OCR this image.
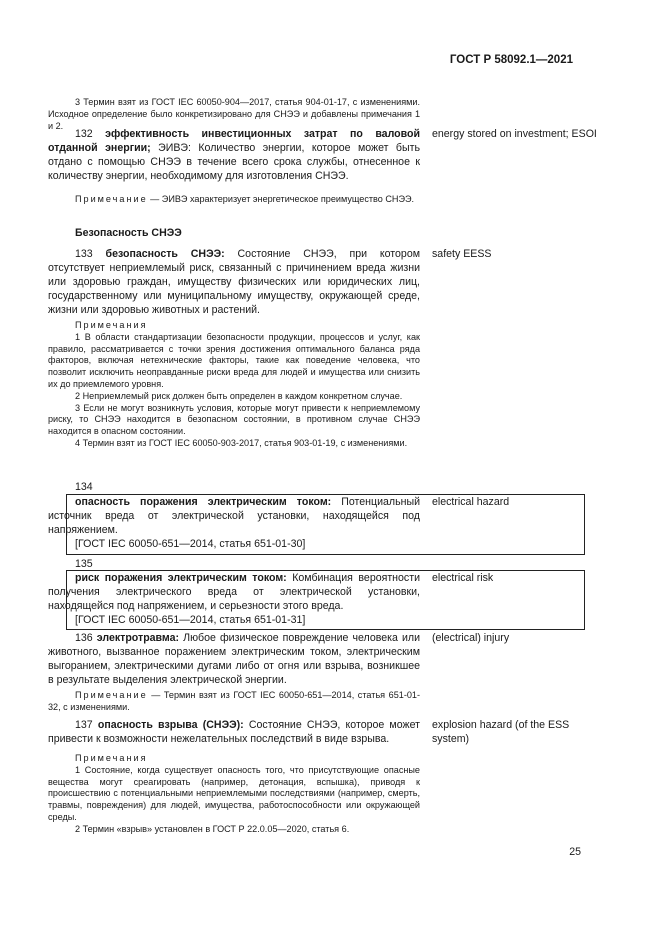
ГОСТ Р 58092.1—2021

3 Термин взят из ГОСТ IEC 60050-904—2017, статья 904-01-17, с изменениями. Исходное определение было конкретизировано для СНЭЭ и добавлены примечания 1 и 2.

132 эффективность инвестиционных затрат по валовой отданной энергии; ЭИВЭ: Количество энергии, которое может быть отдано с помощью СНЭЭ в течение всего срока службы, отнесенное к количеству энергии, необходимому для изготовления СНЭЭ.

energy stored on investment; ESOI

Примечание — ЭИВЭ характеризует энергетическое преимущество СНЭЭ.

Безопасность СНЭЭ

133 безопасность СНЭЭ: Состояние СНЭЭ, при котором отсутствует неприемлемый риск, связанный с причинением вреда жизни или здоровью граждан, имуществу физических или юридических лиц, государственному или муниципальному имуществу, окружающей среде, жизни или здоровью животных и растений.

safety EESS

Примечания

1 В области стандартизации безопасности продукции, процессов и услуг, как правило, рассматривается с точки зрения достижения оптимального баланса ряда факторов, включая нетехнические факторы, такие как поведение человека, что позволит исключить неоправданные риски вреда для людей и имущества или снизить их до приемлемого уровня.

2 Неприемлемый риск должен быть определен в каждом конкретном случае.

3 Если не могут возникнуть условия, которые могут привести к неприемлемому риску, то СНЭЭ находится в безопасном состоянии, в противном случае СНЭЭ находится в опасном состоянии.

4 Термин взят из ГОСТ IEC 60050-903-2017, статья 903-01-19, с изменениями.

134

опасность поражения электрическим током: Потенциальный источник вреда от электрической установки, находящейся под напряжением.

[ГОСТ IEC 60050-651—2014, статья 651-01-30]

electrical hazard
135

риск поражения электрическим током: Комбинация вероятности получения электрического вреда от электрической установки, находящейся под напряжением, и серьезности этого вреда.

[ГОСТ IEC 60050-651—2014, статья 651-01-31]

electrical risk

136 электротравма: Любое физическое повреждение человека или животного, вызванное поражением электрическим током, электрическим выгоранием, электрическими дугами либо от огня или взрыва, возникшее в результате выделения электрической энергии.

(electrical) injury

Примечание — Термин взят из ГОСТ IEC 60050-651—2014, статья 651-01-32, с изменениями.

137 опасность взрыва (СНЭЭ): Состояние СНЭЭ, которое может привести к возможности нежелательных последствий в виде взрыва.

explosion hazard (of the ESS system)

Примечания

1 Состояние, когда существует опасность того, что присутствующие опасные вещества могут среагировать (например, детонация, вспышка), приводя к происшествию с потенциальными неприемлемыми последствиями (например, смерть, травмы, повреждения) для людей, имущества, работоспособности или окружающей среды.

2 Термин «взрыв» установлен в ГОСТ Р 22.0.05—2020, статья 6.

25
